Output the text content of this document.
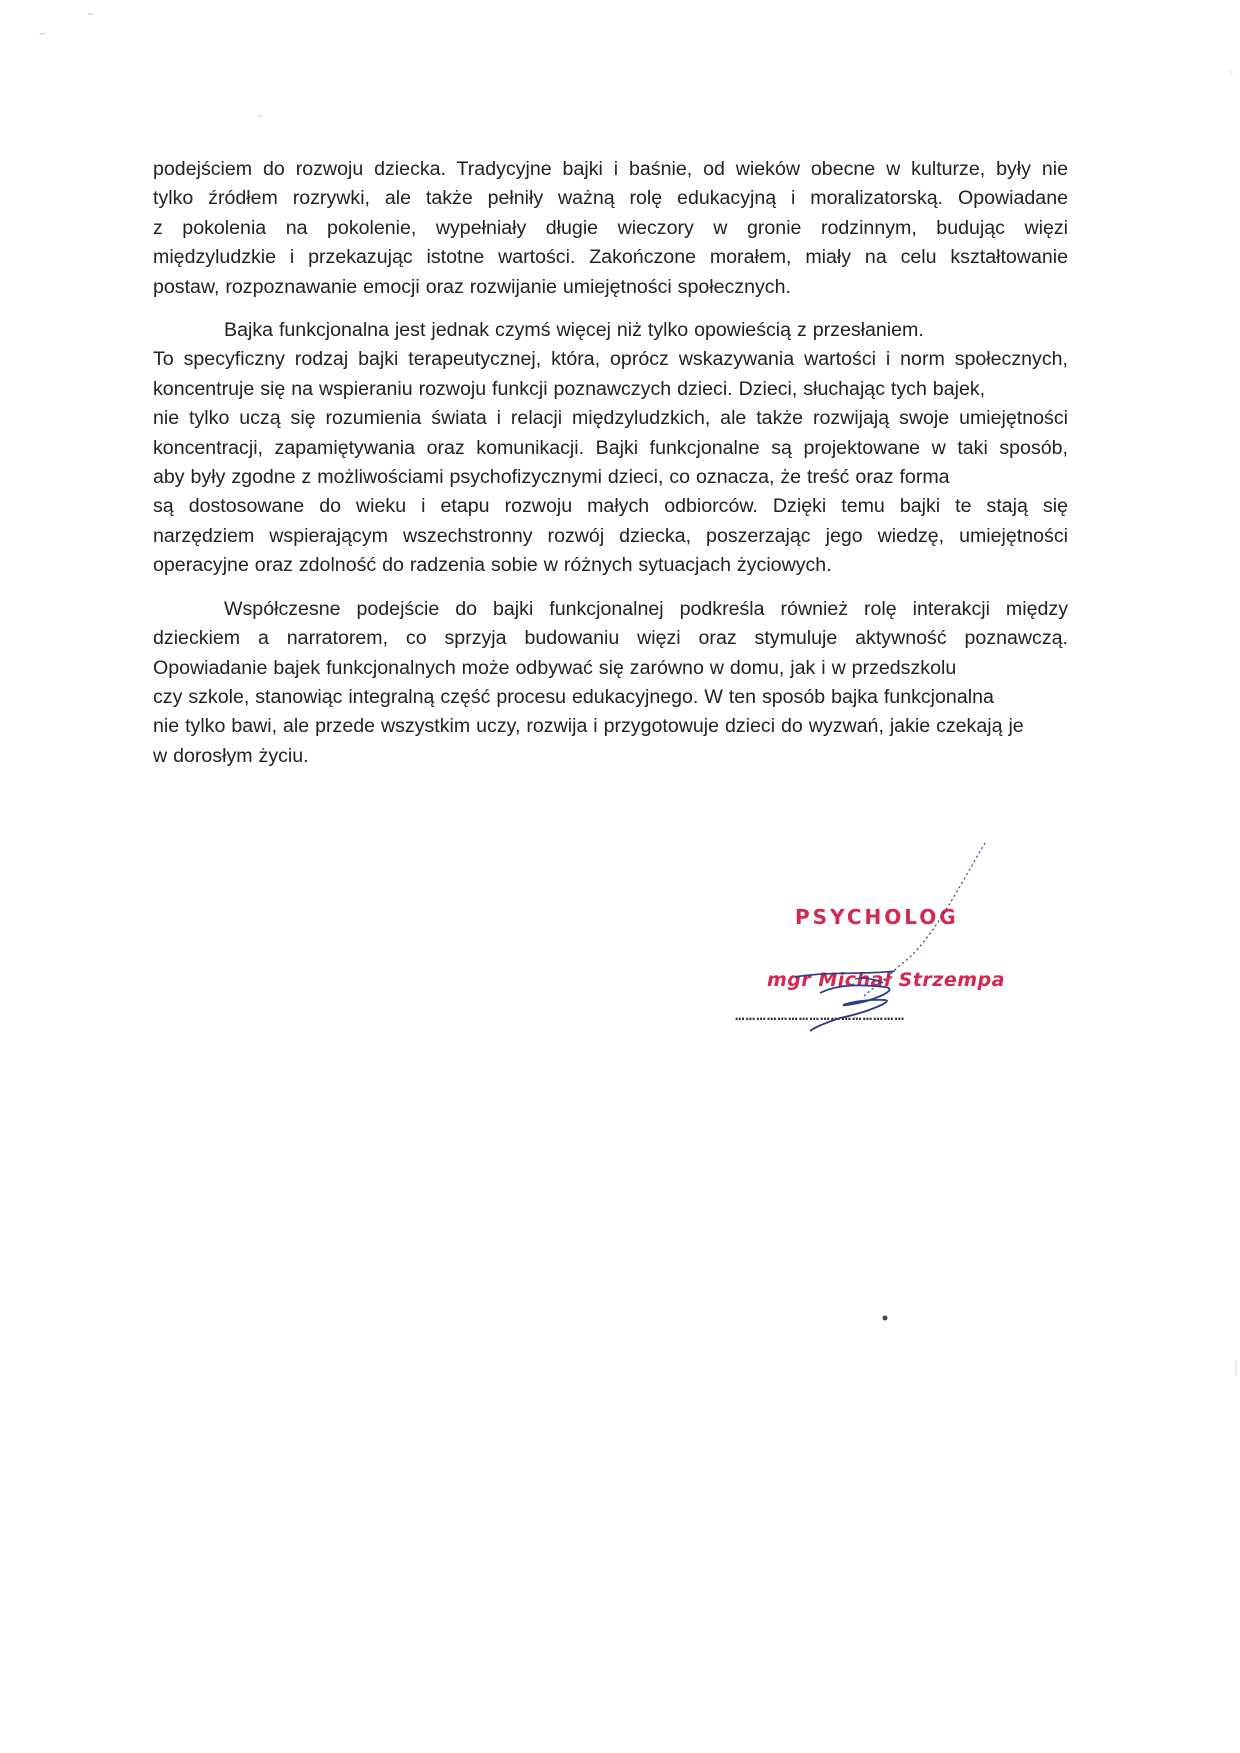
podejściem do rozwoju dziecka. Tradycyjne bajki i baśnie, od wieków obecne w kulturze, były nie
tylko źródłem rozrywki, ale także pełniły ważną rolę edukacyjną i moralizatorską. Opowiadane
z pokolenia na pokolenie, wypełniały długie wieczory w gronie rodzinnym, budując więzi
międzyludzkie i przekazując istotne wartości. Zakończone morałem, miały na celu kształtowanie
postaw, rozpoznawanie emocji oraz rozwijanie umiejętności społecznych.
Bajka funkcjonalna jest jednak czymś więcej niż tylko opowieścią z przesłaniem.
To specyficzny rodzaj bajki terapeutycznej, która, oprócz wskazywania wartości i norm społecznych,
koncentruje się na wspieraniu rozwoju funkcji poznawczych dzieci. Dzieci, słuchając tych bajek,
nie tylko uczą się rozumienia świata i relacji międzyludzkich, ale także rozwijają swoje umiejętności
koncentracji, zapamiętywania oraz komunikacji. Bajki funkcjonalne są projektowane w taki sposób,
aby były zgodne z możliwościami psychofizycznymi dzieci, co oznacza, że treść oraz forma
są dostosowane do wieku i etapu rozwoju małych odbiorców. Dzięki temu bajki te stają się
narzędziem wspierającym wszechstronny rozwój dziecka, poszerzając jego wiedzę, umiejętności
operacyjne oraz zdolność do radzenia sobie w różnych sytuacjach życiowych.
Współczesne podejście do bajki funkcjonalnej podkreśla również rolę interakcji między
dzieckiem a narratorem, co sprzyja budowaniu więzi oraz stymuluje aktywność poznawczą.
Opowiadanie bajek funkcjonalnych może odbywać się zarówno w domu, jak i w przedszkolu
czy szkole, stanowiąc integralną część procesu edukacyjnego. W ten sposób bajka funkcjonalna
nie tylko bawi, ale przede wszystkim uczy, rozwija i przygotowuje dzieci do wyzwań, jakie czekają je
w dorosłym życiu.
PSYCHOLOG
mgr Michał Strzempa
…………………………………………
